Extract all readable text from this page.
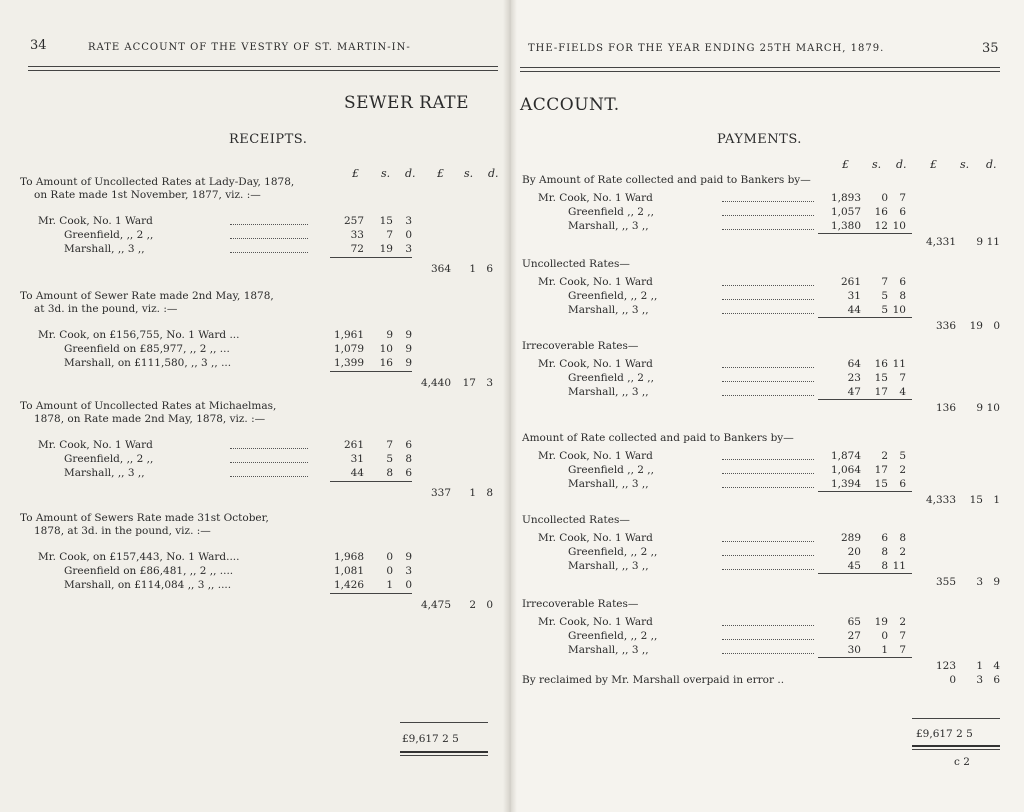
34	RATE ACCOUNT OF THE VESTRY OF ST. MARTIN-IN-	THE-FIELDS FOR THE YEAR ENDING 25TH MARCH, 1879.	35
SEWER RATE	ACCOUNT.
RECEIPTS.	PAYMENTS.
£ s. d. £ s. d.
To Amount of Uncollected Rates at Lady-Day, 1878,
on Rate made 1st November, 1877, viz. :—
Mr. Cook, No. 1 Ward	257	15	3
Greenfield, ,, 2 ,,	33	7	0
Marshall, ,, 3 ,,	72	19	3
364	1 6
To Amount of Sewer Rate made 2nd May, 1878,
at 3d. in the pound, viz. :—
Mr. Cook, on £156,755, No. 1 Ward ...	1,961	9	9
Greenfield on £85,977, ,, 2 ,, ...	1,079	10	9
Marshall, on £111,580, ,, 3 ,, ...	1,399	16	9
4,440	17 3
To Amount of Uncollected Rates at Michaelmas,
1878, on Rate made 2nd May, 1878, viz. :—
Mr. Cook, No. 1 Ward	261	7	6
Greenfield, ,, 2 ,,	31	5	8
Marshall, ,, 3 ,,	44	8	6
337	1 8
To Amount of Sewers Rate made 31st October,
1878, at 3d. in the pound, viz. :—
Mr. Cook, on £157,443, No. 1 Ward....	1,968	0	9
Greenfield on £86,481, ,, 2 ,, ....	1,081	0	3
Marshall, on £114,084 ,, 3 ,, ....	1,426	1	0
4,475	2 0
£9,617 2 5
£ s. d. £ s. d.
By Amount of Rate collected and paid to Bankers by—
Mr. Cook, No. 1 Ward	1,893	0	7
Greenfield ,, 2 ,,	1,057	16	6
Marshall, ,, 3 ,,	1,380	12 10
4,331	9 11
Uncollected Rates—
Mr. Cook, No. 1 Ward	261	7	6
Greenfield, ,, 2 ,,	31	5	8
Marshall, ,, 3 ,,	44	5 10
336	19 0
Irrecoverable Rates—
Mr. Cook, No. 1 Ward	64	16 11
Greenfield ,, 2 ,,	23	15	7
Marshall, ,, 3 ,,	47	17	4
136	9 10
Amount of Rate collected and paid to Bankers by—
Mr. Cook, No. 1 Ward	1,874	2	5
Greenfield ,, 2 ,,	1,064	17	2
Marshall, ,, 3 ,,	1,394	15	6
4,333	15 1
Uncollected Rates—
Mr. Cook, No. 1 Ward	289	6	8
Greenfield, ,, 2 ,,	20	8	2
Marshall, ,, 3 ,,	45	8 11
355	3 9
Irrecoverable Rates—
Mr. Cook, No. 1 Ward	65	19	2
Greenfield, ,, 2 ,,	27	0	7
Marshall, ,, 3 ,,	30	1	7
123	1 4
By reclaimed by Mr. Marshall overpaid in error ..	0	3 6
£9,617 2 5
c 2
